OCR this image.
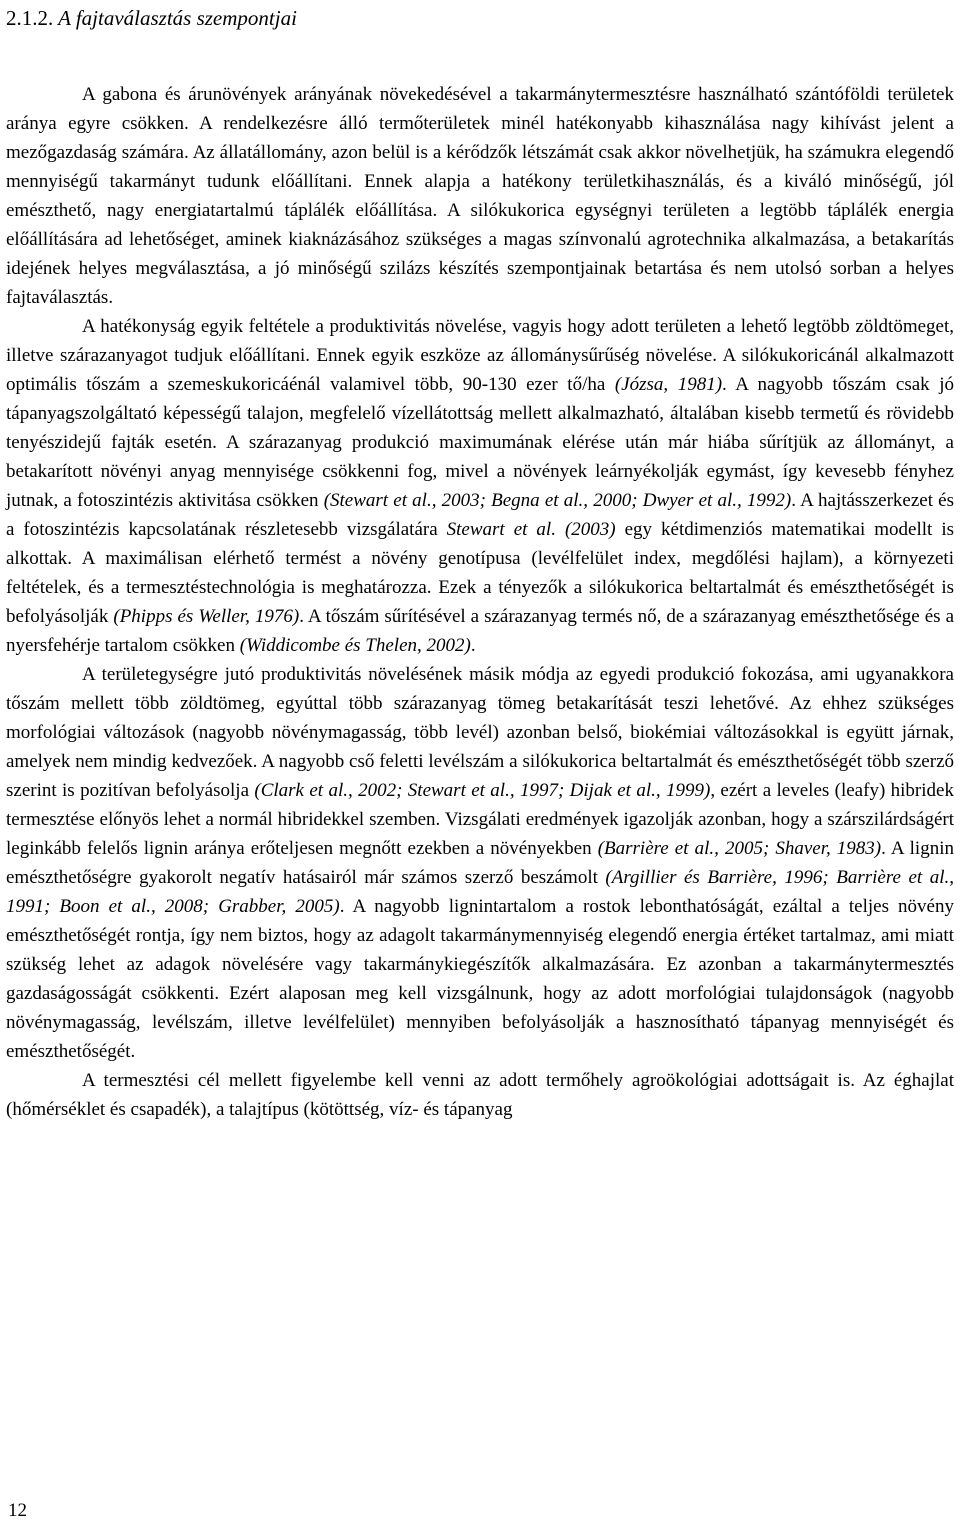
2.1.2. A fajtaválasztás szempontjai

A gabona és árunövények arányának növekedésével a takarmánytermesztésre használható szántóföldi területek aránya egyre csökken. A rendelkezésre álló termőterületek minél hatékonyabb kihasználása nagy kihívást jelent a mezőgazdaság számára. Az állatállomány, azon belül is a kérődzők létszámát csak akkor növelhetjük, ha számukra elegendő mennyiségű takarmányt tudunk előállítani. Ennek alapja a hatékony területkihasználás, és a kiváló minőségű, jól emészthető, nagy energiatartalmú táplálék előállítása. A silókukorica egységnyi területen a legtöbb táplálék energia előállítására ad lehetőséget, aminek kiaknázásához szükséges a magas színvonalú agrotechnika alkalmazása, a betakarítás idejének helyes megválasztása, a jó minőségű szilázs készítés szempontjainak betartása és nem utolsó sorban a helyes fajtaválasztás.

A hatékonyság egyik feltétele a produktivitás növelése, vagyis hogy adott területen a lehető legtöbb zöldtömeget, illetve szárazanyagot tudjuk előállítani. Ennek egyik eszköze az állománysűrűség növelése. A silókukoricánál alkalmazott optimális tőszám a szemeskukoricáénál valamivel több, 90-130 ezer tő/ha (Józsa, 1981). A nagyobb tőszám csak jó tápanyagszolgáltató képességű talajon, megfelelő vízellátottság mellett alkalmazható, általában kisebb termetű és rövidebb tenyészidejű fajták esetén. A szárazanyag produkció maximumának elérése után már hiába sűrítjük az állományt, a betakarított növényi anyag mennyisége csökkenni fog, mivel a növények leárnyékolják egymást, így kevesebb fényhez jutnak, a fotoszintézis aktivitása csökken (Stewart et al., 2003; Begna et al., 2000; Dwyer et al., 1992). A hajtásszerkezet és a fotoszintézis kapcsolatának részletesebb vizsgálatára Stewart et al. (2003) egy kétdimenziós matematikai modellt is alkottak. A maximálisan elérhető termést a növény genotípusa (levélfelület index, megdőlési hajlam), a környezeti feltételek, és a termesztéstechnológia is meghatározza. Ezek a tényezők a silókukorica beltartalmát és emészthetőségét is befolyásolják (Phipps és Weller, 1976). A tőszám sűrítésével a szárazanyag termés nő, de a szárazanyag emészthetősége és a nyersfehérje tartalom csökken (Widdicombe és Thelen, 2002).

A területegységre jutó produktivitás növelésének másik módja az egyedi produkció fokozása, ami ugyanakkora tőszám mellett több zöldtömeg, egyúttal több szárazanyag tömeg betakarítását teszi lehetővé. Az ehhez szükséges morfológiai változások (nagyobb növénymagasság, több levél) azonban belső, biokémiai változásokkal is együtt járnak, amelyek nem mindig kedvezőek. A nagyobb cső feletti levélszám a silókukorica beltartalmát és emészthetőségét több szerző szerint is pozitívan befolyásolja (Clark et al., 2002; Stewart et al., 1997; Dijak et al., 1999), ezért a leveles (leafy) hibridek termesztése előnyös lehet a normál hibridekkel szemben. Vizsgálati eredmények igazolják azonban, hogy a szárszilárdságért leginkább felelős lignin aránya erőteljesen megnőtt ezekben a növényekben (Barrière et al., 2005; Shaver, 1983). A lignin emészthetőségre gyakorolt negatív hatásairól már számos szerző beszámolt (Argillier és Barrière, 1996; Barrière et al., 1991; Boon et al., 2008; Grabber, 2005). A nagyobb lignintartalom a rostok lebonthatóságát, ezáltal a teljes növény emészthetőségét rontja, így nem biztos, hogy az adagolt takarmánymennyiség elegendő energia értéket tartalmaz, ami miatt szükség lehet az adagok növelésére vagy takarmánykiegészítők alkalmazására. Ez azonban a takarmánytermesztés gazdaságosságát csökkenti. Ezért alaposan meg kell vizsgálnunk, hogy az adott morfológiai tulajdonságok (nagyobb növénymagasság, levélszám, illetve levélfelület) mennyiben befolyásolják a hasznosítható tápanyag mennyiségét és emészthetőségét.

A termesztési cél mellett figyelembe kell venni az adott termőhely agroökológiai adottságait is. Az éghajlat (hőmérséklet és csapadék), a talajtípus (kötöttség, víz- és tápanyag

12
